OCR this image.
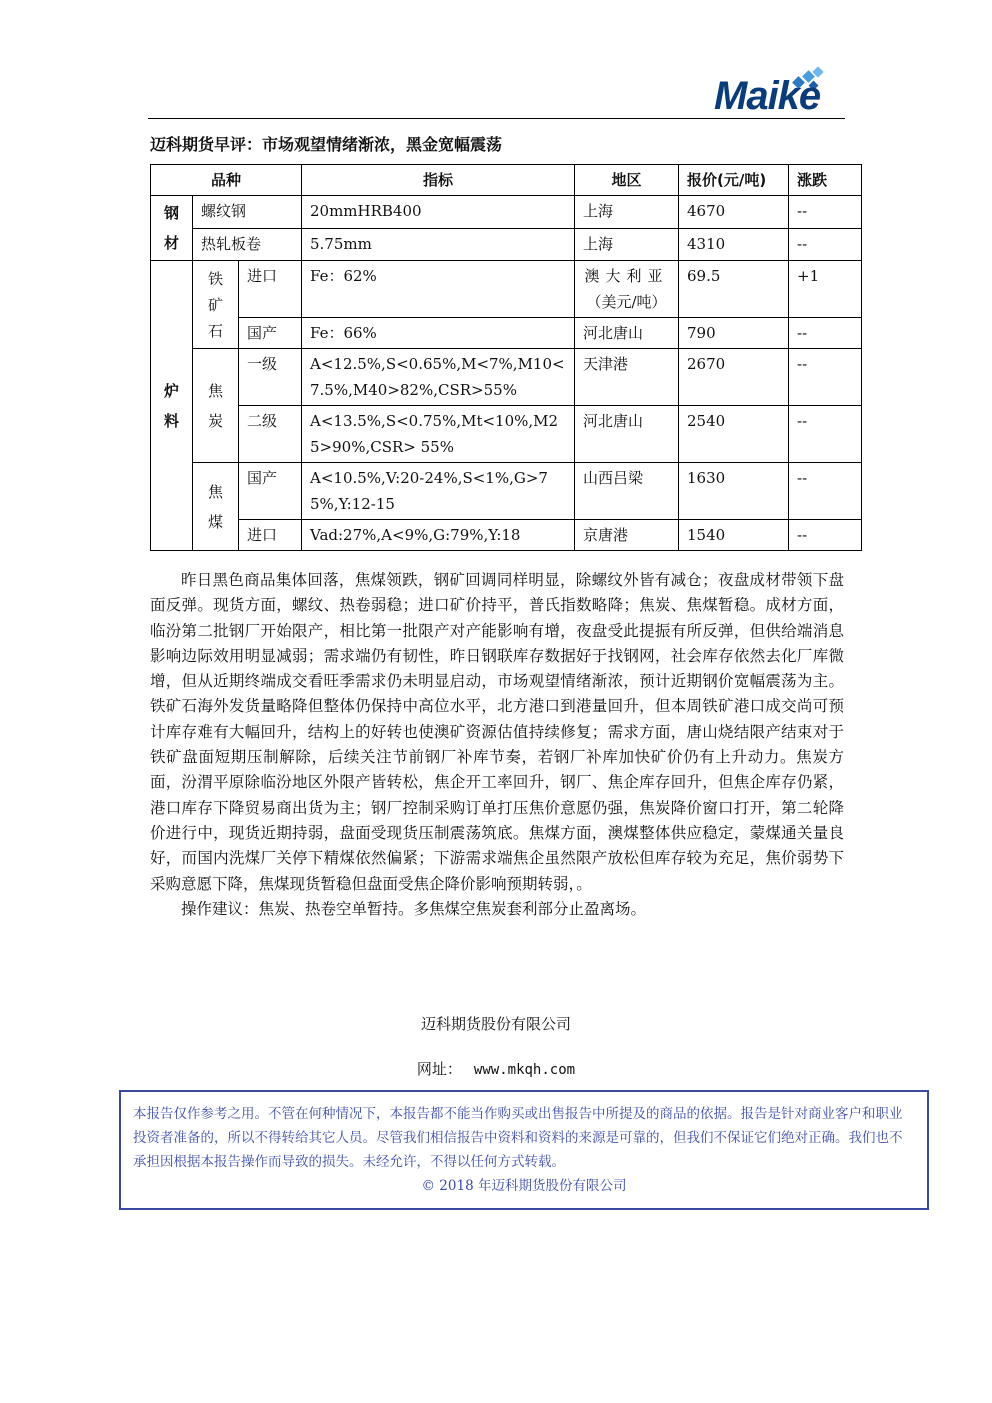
Maike
迈科期货早评：市场观望情绪渐浓，黑金宽幅震荡
品种			指标	地区	报价(元/吨)	涨跌
钢材	螺纹钢		20mmHRB400	上海	4670	--
	热轧板卷		5.75mm	上海	4310	--
炉料	铁矿石	进口	Fe：62%	澳大利亚
（美元/吨）	69.5	+1
		国产	Fe：66%	河北唐山	790	--
	焦炭	一级	A<12.5%,S<0.65%,M<7%,M10<7.5%,M40>82%,CSR>55%	天津港	2670	--
		二级	A<13.5%,S<0.75%,Mt<10%,M25>90%,CSR> 55%	河北唐山	2540	--
	焦煤	国产	A<10.5%,V:20-24%,S<1%,G>75%,Y:12-15	山西吕梁	1630	--
		进口	Vad:27%,A<9%,G:79%,Y:18	京唐港	1540	--

昨日黑色商品集体回落，焦煤领跌，钢矿回调同样明显，除螺纹外皆有减仓；夜盘成材带领下盘面反弹。现货方面，螺纹、热卷弱稳；进口矿价持平，普氏指数略降；焦炭、焦煤暂稳。成材方面，临汾第二批钢厂开始限产，相比第一批限产对产能影响有增，夜盘受此提振有所反弹，但供给端消息影响边际效用明显减弱；需求端仍有韧性，昨日钢联库存数据好于找钢网，社会库存依然去化厂库微增，但从近期终端成交看旺季需求仍未明显启动，市场观望情绪渐浓，预计近期钢价宽幅震荡为主。铁矿石海外发货量略降但整体仍保持中高位水平，北方港口到港量回升，但本周铁矿港口成交尚可预计库存难有大幅回升，结构上的好转也使澳矿资源估值持续修复；需求方面，唐山烧结限产结束对于铁矿盘面短期压制解除，后续关注节前钢厂补库节奏，若钢厂补库加快矿价仍有上升动力。焦炭方面，汾渭平原除临汾地区外限产皆转松，焦企开工率回升，钢厂、焦企库存回升，但焦企库存仍紧，港口库存下降贸易商出货为主；钢厂控制采购订单打压焦价意愿仍强，焦炭降价窗口打开，第二轮降价进行中，现货近期持弱，盘面受现货压制震荡筑底。焦煤方面，澳煤整体供应稳定，蒙煤通关量良好，而国内洗煤厂关停下精煤依然偏紧；下游需求端焦企虽然限产放松但库存较为充足，焦价弱势下采购意愿下降，焦煤现货暂稳但盘面受焦企降价影响预期转弱，。

操作建议：焦炭、热卷空单暂持。多焦煤空焦炭套利部分止盈离场。

迈科期货股份有限公司
网址： www.mkqh.com
本报告仅作参考之用。不管在何种情况下，本报告都不能当作购买或出售报告中所提及的商品的依据。报告是针对商业客户和职业投资者准备的，所以不得转给其它人员。尽管我们相信报告中资料和资料的来源是可靠的，但我们不保证它们绝对正确。我们也不承担因根据本报告操作而导致的损失。未经允许，不得以任何方式转载。
© 2018 年迈科期货股份有限公司
